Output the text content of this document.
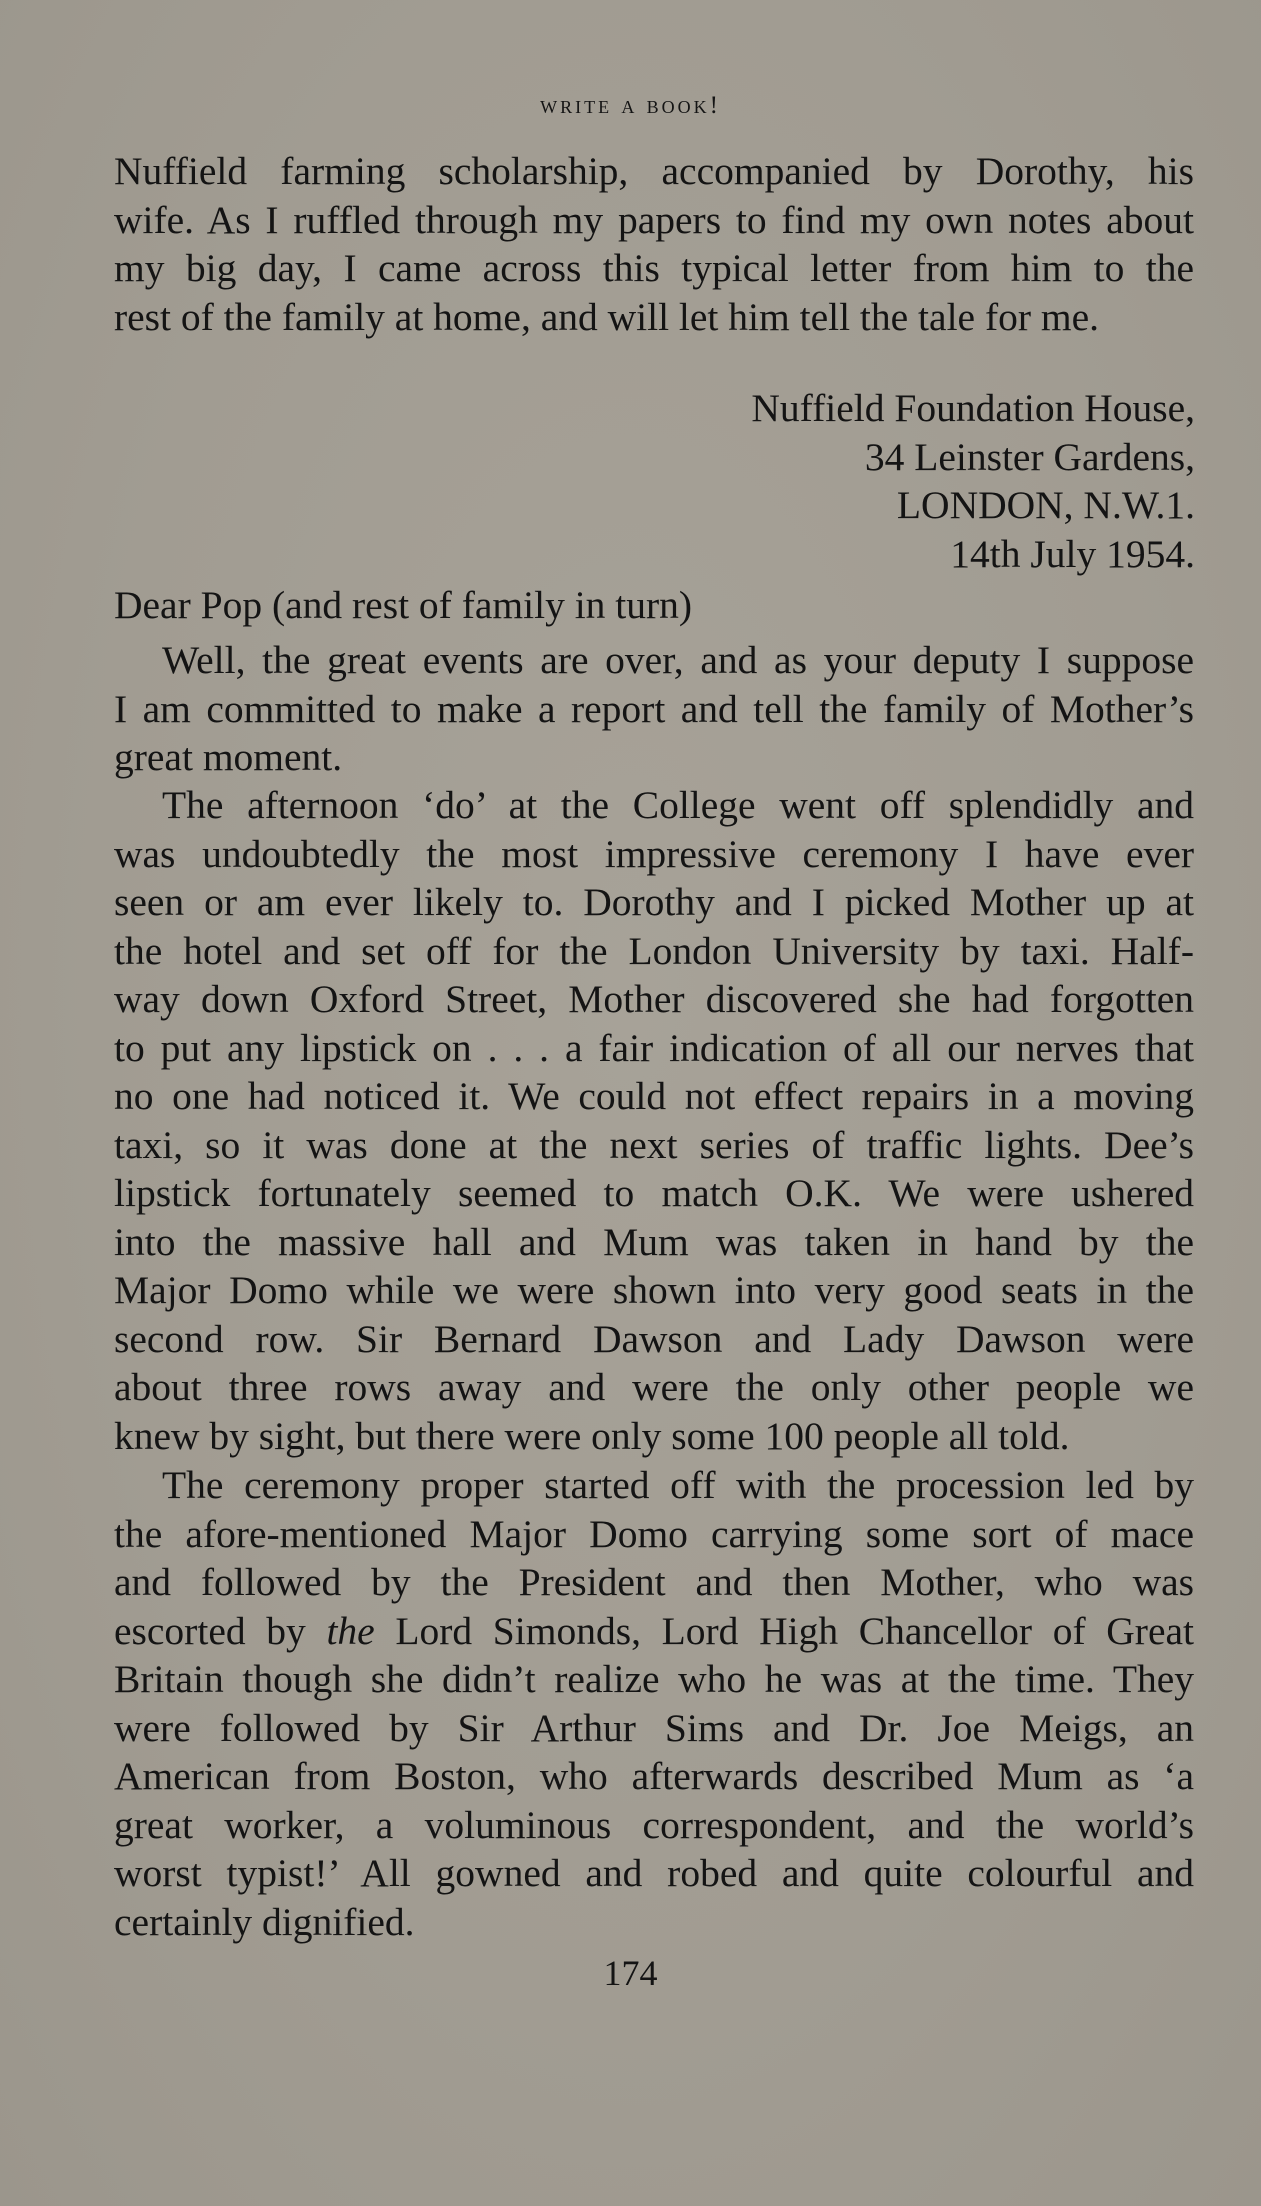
write a book!
Nuffield farming scholarship, accompanied by Dorothy, his
wife. As I ruffled through my papers to find my own notes about
my big day, I came across this typical letter from him to the
rest of the family at home, and will let him tell the tale for me.
Nuffield Foundation House,
34 Leinster Gardens,
LONDON, N.W.1.
14th July 1954.
Dear Pop (and rest of family in turn)
Well, the great events are over, and as your deputy I suppose
I am committed to make a report and tell the family of Mother’s
great moment.
The afternoon ‘do’ at the College went off splendidly and
was undoubtedly the most impressive ceremony I have ever
seen or am ever likely to. Dorothy and I picked Mother up at
the hotel and set off for the London University by taxi. Half-
way down Oxford Street, Mother discovered she had forgotten
to put any lipstick on . . . a fair indication of all our nerves that
no one had noticed it. We could not effect repairs in a moving
taxi, so it was done at the next series of traffic lights. Dee’s
lipstick fortunately seemed to match O.K. We were ushered
into the massive hall and Mum was taken in hand by the
Major Domo while we were shown into very good seats in the
second row. Sir Bernard Dawson and Lady Dawson were
about three rows away and were the only other people we
knew by sight, but there were only some 100 people all told.
The ceremony proper started off with the procession led by
the afore-mentioned Major Domo carrying some sort of mace
and followed by the President and then Mother, who was
escorted by the Lord Simonds, Lord High Chancellor of Great
Britain though she didn’t realize who he was at the time. They
were followed by Sir Arthur Sims and Dr. Joe Meigs, an
American from Boston, who afterwards described Mum as ‘a
great worker, a voluminous correspondent, and the world’s
worst typist!’ All gowned and robed and quite colourful and
certainly dignified.
174
